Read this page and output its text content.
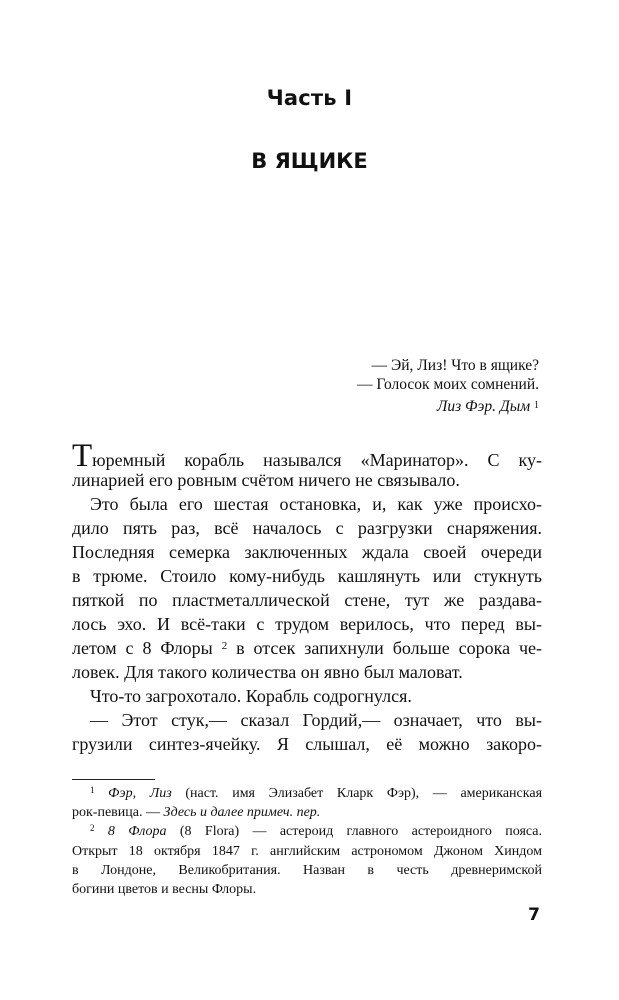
Часть I
В ЯЩИКЕ
— Эй, Лиз! Что в ящике?
— Голосок моих сомнений.
Лиз Фэр. Дым $^1$
Тюремный корабль назывался «Маринатор». С ку-
линарией его ровным счётом ничего не связывало.
Это была его шестая остановка, и, как уже происхо-
дило пять раз, всё началось с разгрузки снаряжения.
Последняя семерка заключенных ждала своей очереди
в трюме. Стоило кому-нибудь кашлянуть или стукнуть
пяткой по пластметаллической стене, тут же раздава-
лось эхо. И всё-таки с трудом верилось, что перед вы-
летом с 8 Флоры $^2$ в отсек запихнули больше сорока че-
ловек. Для такого количества он явно был маловат.
Что-то загрохотало. Корабль содрогнулся.
— Этот стук,— сказал Гордий,— означает, что вы-
грузили синтез-ячейку. Я слышал, её можно закоро-
$^1$ Фэр, Лиз (наст. имя Элизабет Кларк Фэр), — американская
рок-певица. — Здесь и далее примеч. пер.
$^2$ 8 Флора (8 Flora) — астероид главного астероидного пояса.
Открыт 18 октября 1847 г. английским астрономом Джоном Хиндом
в Лондоне, Великобритания. Назван в честь древнеримской
богини цветов и весны Флоры.
7
